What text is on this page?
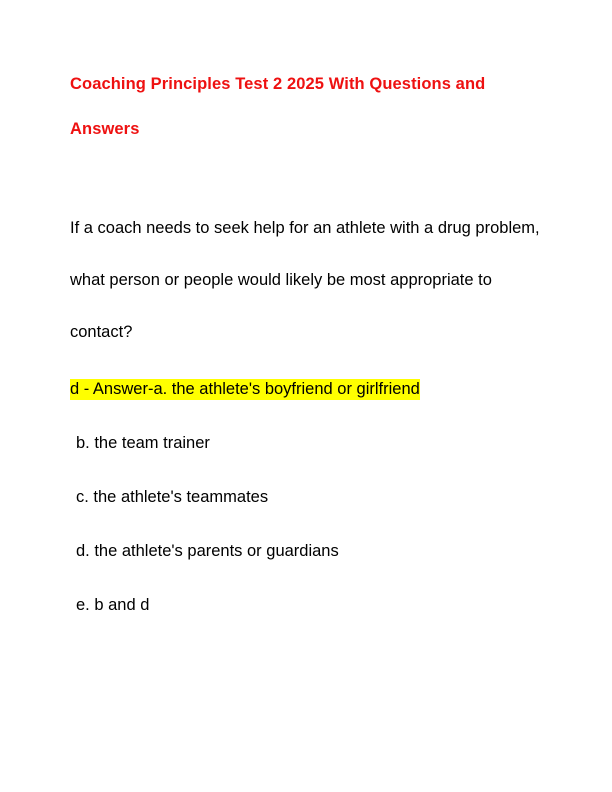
Coaching Principles Test 2 2025 With Questions and Answers

If a coach needs to seek help for an athlete with a drug problem, what person or people would likely be most appropriate to contact?

d - Answer-a. the athlete's boyfriend or girlfriend

b. the team trainer

c. the athlete's teammates

d. the athlete's parents or guardians

e. b and d
